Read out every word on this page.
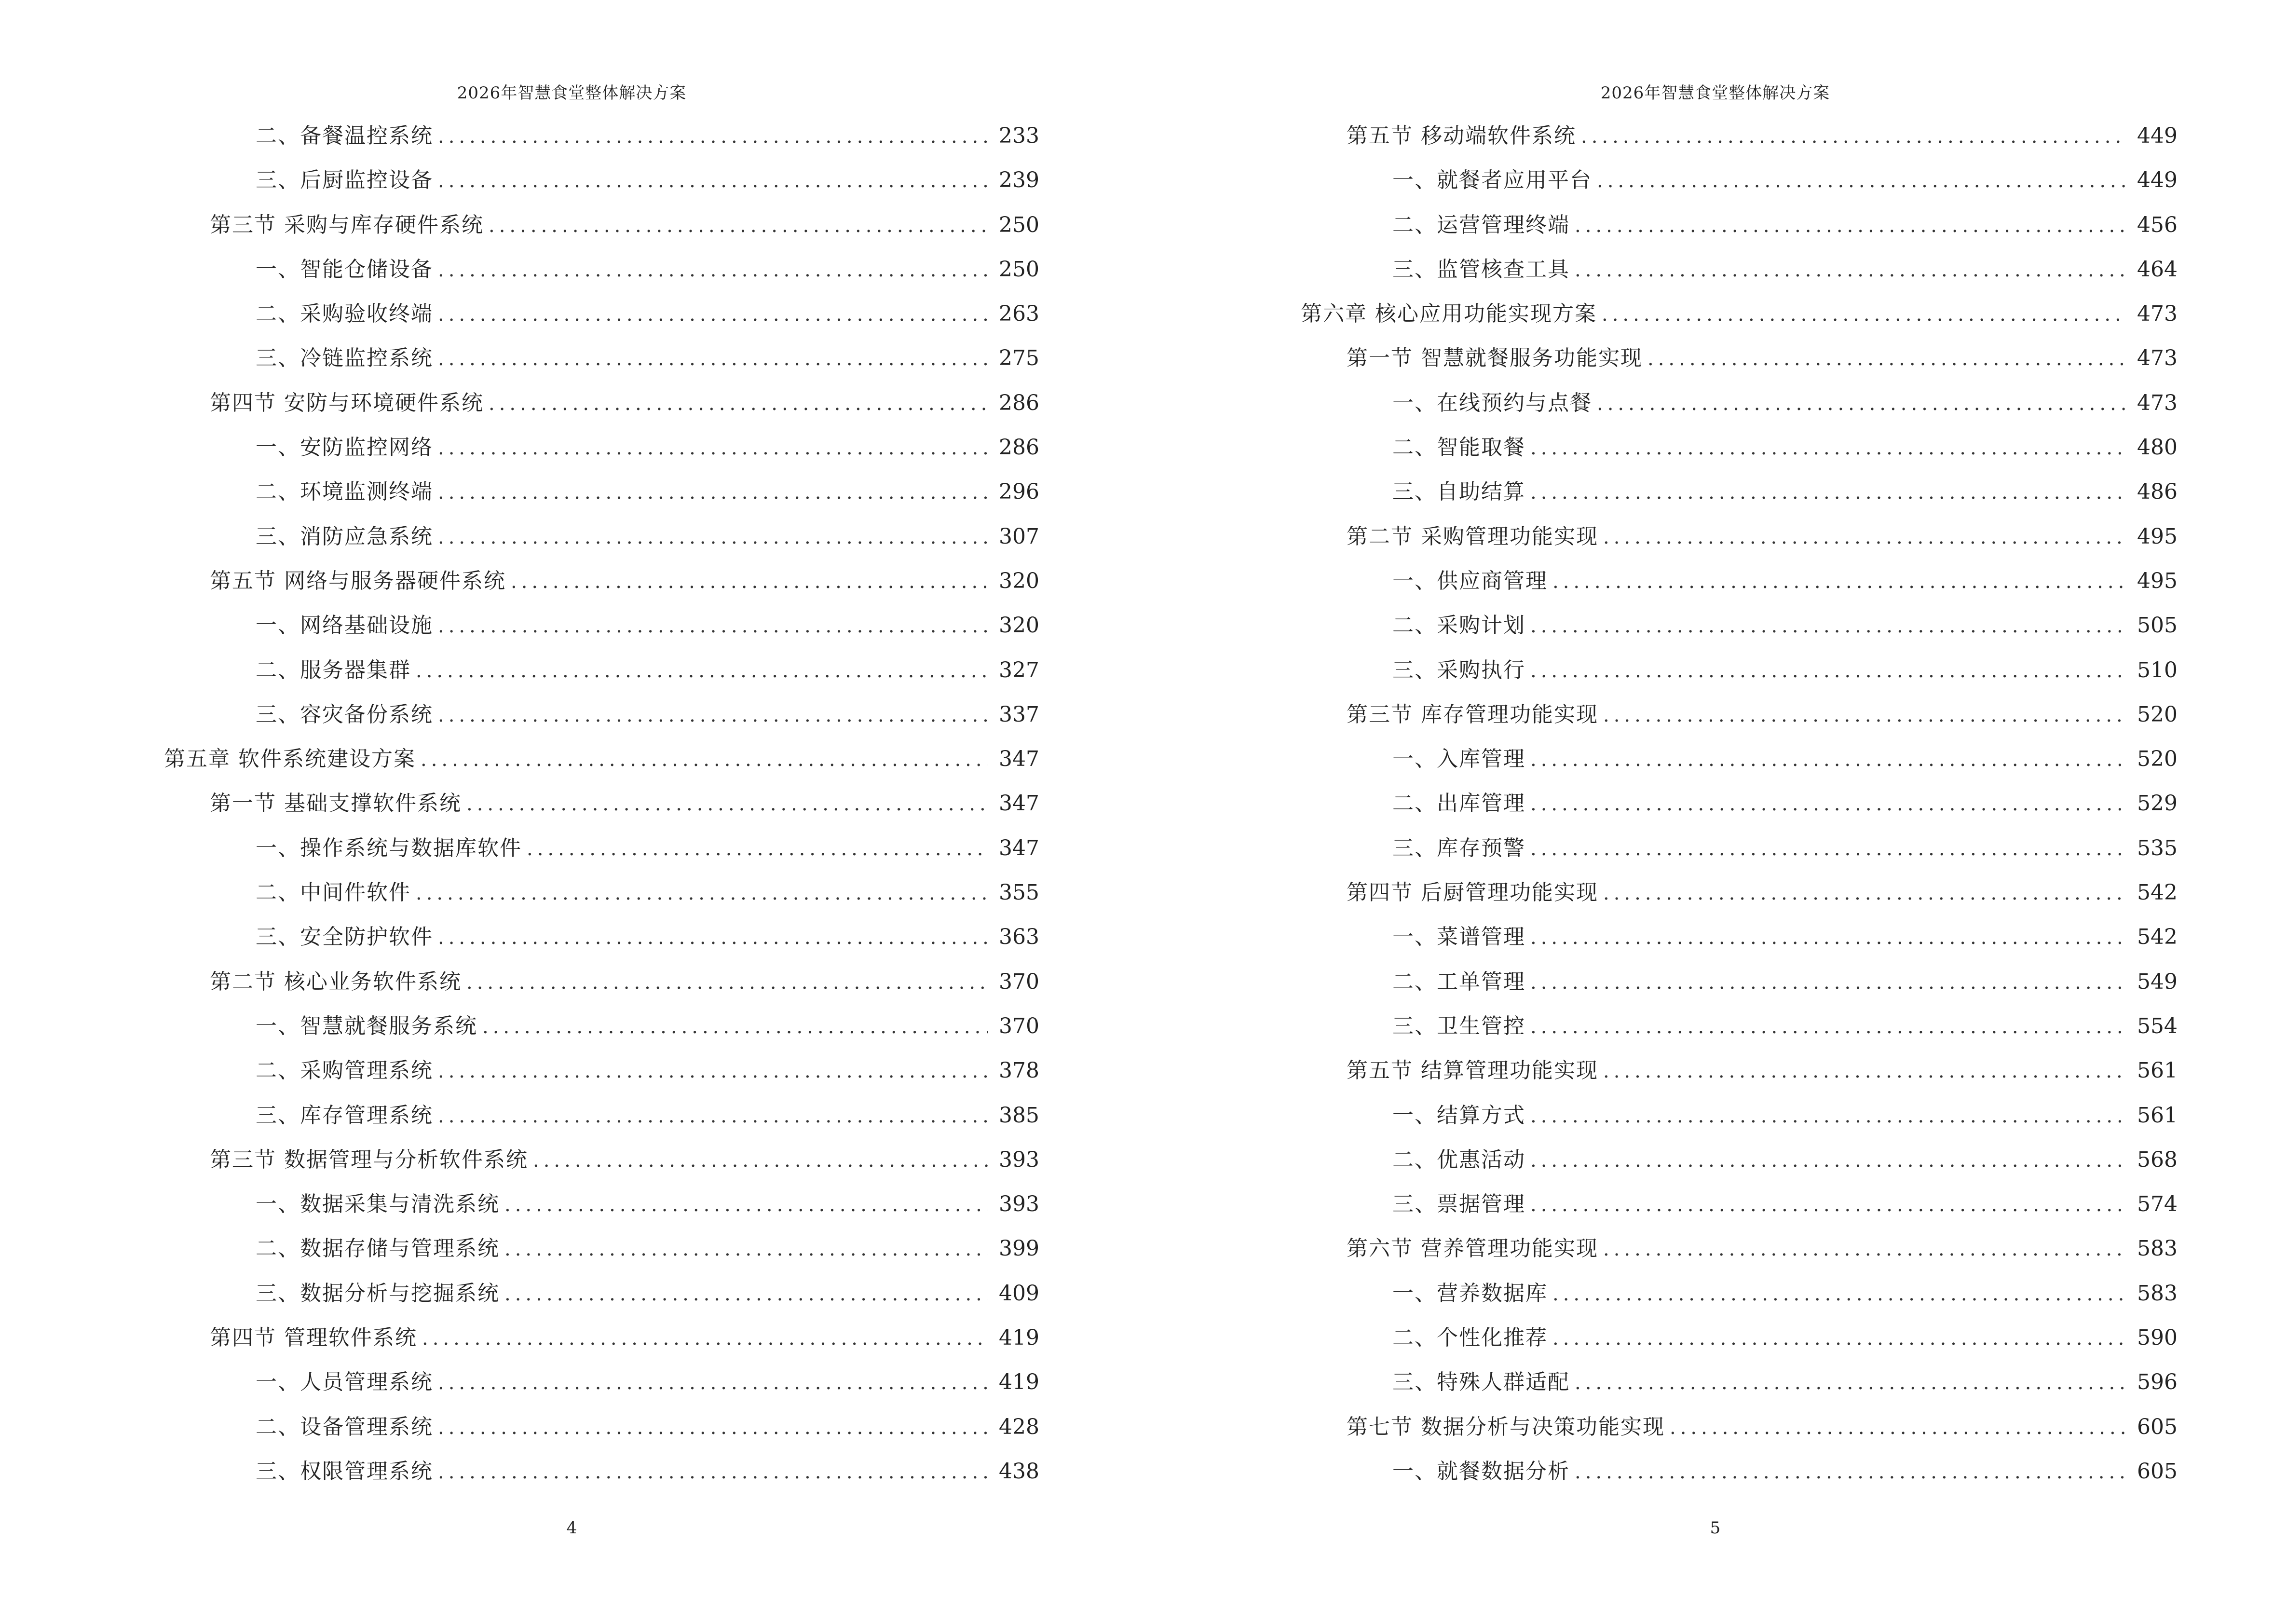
2026年智慧食堂整体解决方案
二、备餐温控系统 .....	233
三、后厨监控设备 .....	239
第三节 采购与库存硬件系统 .....	250
一、智能仓储设备 .....	250
二、采购验收终端 .....	263
三、冷链监控系统 .....	275
第四节 安防与环境硬件系统 .....	286
一、安防监控网络 .....	286
二、环境监测终端 .....	296
三、消防应急系统 .....	307
第五节 网络与服务器硬件系统 .....	320
一、网络基础设施 .....	320
二、服务器集群 .....	327
三、容灾备份系统 .....	337
第五章 软件系统建设方案 .....	347
第一节 基础支撑软件系统 .....	347
一、操作系统与数据库软件 .....	347
二、中间件软件 .....	355
三、安全防护软件 .....	363
第二节 核心业务软件系统 .....	370
一、智慧就餐服务系统 .....	370
二、采购管理系统 .....	378
三、库存管理系统 .....	385
第三节 数据管理与分析软件系统 .....	393
一、数据采集与清洗系统 .....	393
二、数据存储与管理系统 .....	399
三、数据分析与挖掘系统 .....	409
第四节 管理软件系统 .....	419
一、人员管理系统 .....	419
二、设备管理系统 .....	428
三、权限管理系统 .....	438
4
2026年智慧食堂整体解决方案
第五节 移动端软件系统 .....	449
一、就餐者应用平台 .....	449
二、运营管理终端 .....	456
三、监管核查工具 .....	464
第六章 核心应用功能实现方案 .....	473
第一节 智慧就餐服务功能实现 .....	473
一、在线预约与点餐 .....	473
二、智能取餐 .....	480
三、自助结算 .....	486
第二节 采购管理功能实现 .....	495
一、供应商管理 .....	495
二、采购计划 .....	505
三、采购执行 .....	510
第三节 库存管理功能实现 .....	520
一、入库管理 .....	520
二、出库管理 .....	529
三、库存预警 .....	535
第四节 后厨管理功能实现 .....	542
一、菜谱管理 .....	542
二、工单管理 .....	549
三、卫生管控 .....	554
第五节 结算管理功能实现 .....	561
一、结算方式 .....	561
二、优惠活动 .....	568
三、票据管理 .....	574
第六节 营养管理功能实现 .....	583
一、营养数据库 .....	583
二、个性化推荐 .....	590
三、特殊人群适配 .....	596
第七节 数据分析与决策功能实现 .....	605
一、就餐数据分析 .....	605
5
